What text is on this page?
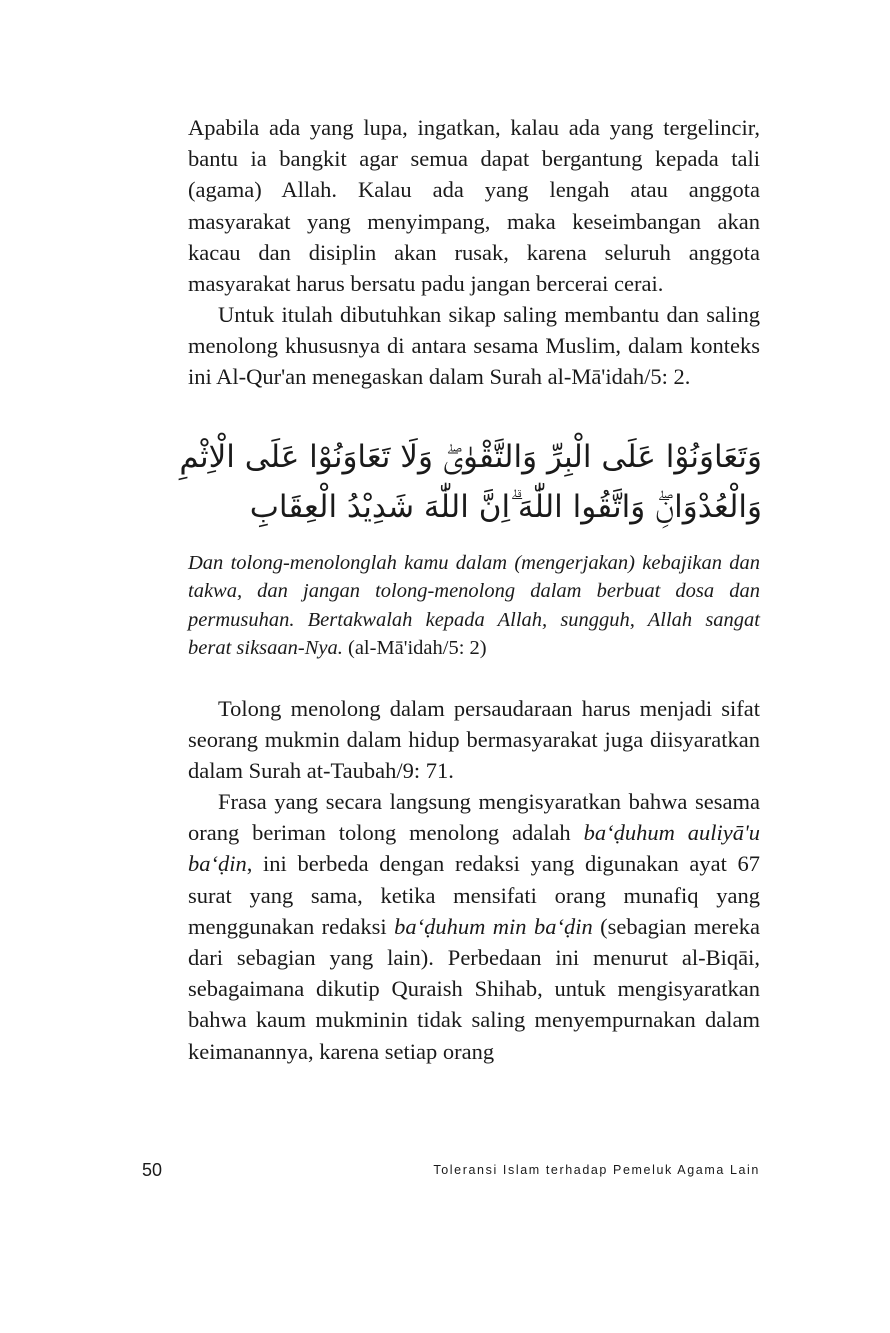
Apabila ada yang lupa, ingatkan, kalau ada yang tergelincir, bantu ia bangkit agar semua dapat bergantung kepada tali (agama) Allah. Kalau ada yang lengah atau anggota masyarakat yang menyimpang, maka keseimbangan akan kacau dan disiplin akan rusak, karena seluruh anggota masyarakat harus bersatu padu jangan bercerai cerai.

Untuk itulah dibutuhkan sikap saling membantu dan saling menolong khususnya di antara sesama Muslim, dalam konteks ini Al-Qur'an menegaskan dalam Surah al-Mā'idah/5: 2.

وَتَعَاوَنُوْا عَلَى الْبِرِّ وَالتَّقْوٰىۖ وَلَا تَعَاوَنُوْا عَلَى الْاِثْمِ وَالْعُدْوَانِۖ وَاتَّقُوا اللّٰهَ ۗاِنَّ اللّٰهَ شَدِيْدُ الْعِقَابِ

Dan tolong-menolonglah kamu dalam (mengerjakan) kebajikan dan takwa, dan jangan tolong-menolong dalam berbuat dosa dan permusuhan. Bertakwalah kepada Allah, sungguh, Allah sangat berat siksaan-Nya. (al-Mā'idah/5: 2)

Tolong menolong dalam persaudaraan harus menjadi sifat seorang mukmin dalam hidup bermasyarakat juga diisyaratkan dalam Surah at-Taubah/9: 71.

Frasa yang secara langsung mengisyaratkan bahwa sesama orang beriman tolong menolong adalah ba‘ḍuhum auliyā'u ba‘ḍin, ini berbeda dengan redaksi yang digunakan ayat 67 surat yang sama, ketika mensifati orang munafiq yang menggunakan redaksi ba‘ḍuhum min ba‘ḍin (sebagian mereka dari sebagian yang lain). Perbedaan ini menurut al-Biqāi, sebagaimana dikutip Quraish Shihab, untuk mengisyaratkan bahwa kaum mukminin tidak saling menyempurnakan dalam keimanannya, karena setiap orang

50	Toleransi Islam terhadap Pemeluk Agama Lain
